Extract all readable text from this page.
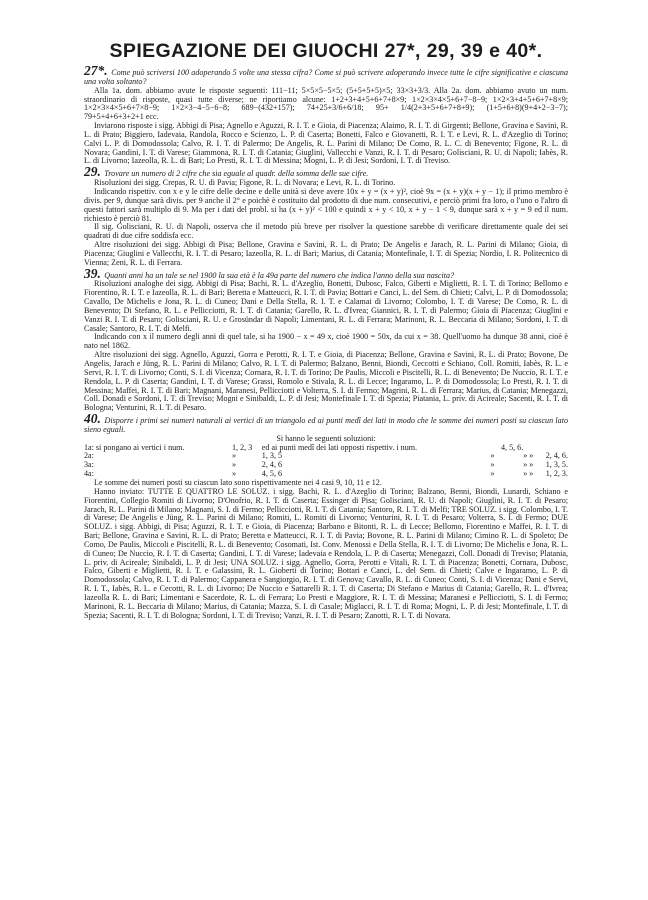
SPIEGAZIONE DEI GIUOCHI 27*, 29, 39 e 40*.

27*. Come può scriversi 100 adoperando 5 volte una stessa cifra? Come si può scrivere adoperando invece tutte le cifre significative e ciascuna una volta soltanto?

Alla 1a. dom. abbiamo avute le risposte seguenti: 111−11; 5×5×5−5×5; (5+5+5+5)×5; 33×3+3/3. Alla 2a. dom. abbiamo avuto un num. straordinario di risposte, quasi tutte diverse; ne riportiamo alcune: 1+2+3+4+5+6+7+8×9; 1×2×3×4×5+6+7−8−9; 1×2×3+4+5+6+7+8×9; 1×2×3×4×5+6+7×8−9; 1×2×3−4−5−6−8; 689−(432+157); 74+25+3/6+6/18; 95+ 1/4(2+3+5+6+7+8+9); (1+5+6+8)(9+4+2−3−7); 79+5+4+6+3+2+1 ecc.

Inviarono risposte i sigg. Abbigi di Pisa; Agnello e Aguzzi, R. I. T. e Gioia, di Piacenza; Alaimo, R. I. T. di Girgenti; Bellone, Gravina e Savini, R. L. di Prato; Biggiero, Iadevaia, Randola, Rocco e Scienzo, L. P. di Caserta; Bonetti, Falco e Giovanetti, R. I. T. e Levi, R. L. d'Azeglio di Torino; Calvi L. P. di Domodossola; Calvo, R. I. T. di Palermo; De Angelis, R. L. Parini di Milano; De Como, R. L. C. di Benevento; Figone, R. L. di Novara; Gandini, I. T. di Varese; Giammona, R. I. T. di Catania; Giuglini, Vallecchi e Vanzi, R. I. T. di Pesaro; Golisciani, R. U. di Napoli; Iabès, R. L. di Livorno; Iazeolla, R. L. di Bari; Lo Presti, R. I. T. di Messina; Mogni, L. P. di Jesi; Sordoni, I. T. di Treviso.

29. Trovare un numero di 2 cifre che sia eguale al quadr. della somma delle sue cifre.

Risoluzioni dei sigg. Crepas, R. U. di Pavia; Figone, R. L. di Novara; e Levi, R. L. di Torino.

Indicando rispettiv. con x e y le cifre delle decine e delle unità si deve avere 10x + y = (x + y)², cioè 9x = (x + y)(x + y − 1); il primo membro è divis. per 9, dunque sarà divis. per 9 anche il 2° e poichè è costituito dal prodotto di due num. consecutivi, e perciò primi fra loro, o l'uno o l'altro di questi fattori sarà multiplo di 9. Ma per i dati del probl. si ha (x + y)² < 100 e quindi x + y < 10, x + y − 1 < 9, dunque sarà x + y = 9 ed il num. richiesto è perciò 81.

Il sig. Golisciani, R. U. di Napoli, osserva che il metodo più breve per risolver la questione sarebbe di verificare direttamente quale dei sei quadrati di due cifre soddisfa ecc.

Altre risoluzioni dei sigg. Abbigi di Pisa; Bellone, Gravina e Savini, R. L. di Prato; De Angelis e Jarach, R. L. Parini di Milano; Gioia, di Piacenza; Giuglini e Vallecchi, R. I. T. di Pesaro; Iazeolla, R. L. di Bari; Marius, di Catania; Montefinale, I. T. di Spezia; Nordio, I. R. Politecnico di Vienna; Zeni, R. L. di Ferrara.

39. Quanti anni ha un tale se nel 1900 la sua età è la 49a parte del numero che indica l'anno della sua nascita?

Risoluzioni analoghe dei sigg. Abbigi di Pisa; Bachi, R. L. d'Azeglio, Bonetti, Dubosc, Falco, Giberti e Miglietti, R. I. T. di Torino; Bellomo e Fiorentino, R. I. T. e Iazeolla, R. L. di Bari; Beretta e Matteucci, R. I. T. di Pavia; Bottari e Canci, L. del Sem. di Chieti; Calvi, L. P. di Domodossola; Cavallo, De Michelis e Jona, R. L. di Cuneo; Dani e Della Stella, R. I. T. e Calamai di Livorno; Colombo, I. T. di Varese; De Como, R. L. di Benevento; Di Stefano, R. L. e Pellicciotti, R. I. T. di Catania; Garello, R. L. d'Ivrea; Giannici, R. I. T. di Palermo; Gioia di Piacenza; Giuglini e Vanzi R. I. T. di Pesaro; Golisciani, R. U. e Grosündar di Napoli; Limentani, R. L. di Ferrara; Marinoni, R. L. Beccaria di Milano; Sordoni, I. T. di Casale; Santoro, R. I. T. di Melfi.

Indicando con x il numero degli anni di quel tale, si ha 1900 − x = 49 x, cioè 1900 = 50x, da cui x = 38. Quell'uomo ha dunque 38 anni, cioè è nato nel 1862.

Altre risoluzioni dei sigg. Agnello, Aguzzi, Gorra e Perotti, R. I. T. e Gioia, di Piacenza; Bellone, Gravina e Savini, R. L. di Prato; Bovone, De Angelis, Jarach e Jüng, R. L. Parini di Milano; Calvo, R. I. T. di Palermo; Balzano, Benni, Biondi, Ceccotti e Schiano, Coll. Romiti, Iabès, R. L. e Servi, R. I. T. di Livorno; Conti, S. I. di Vicenza; Cornara, R. I. T. di Torino; De Paulis, Miccoli e Piscitelli, R. L. di Benevento; De Nuccio, R. I. T. e Rendola, L. P. di Caserta; Gandini, I. T. di Varese; Grassi, Romolo e Stivala, R. L. di Lecce; Ingaramo, L. P. di Domodossola; Lo Presti, R. I. T. di Messina; Maffei, R. I. T. di Bari; Magnani, Maranesi, Pellicciotti e Volterra, S. I. di Fermo; Magrini, R. L. di Ferrara; Marius, di Catania; Menegazzi, Coll. Donadi e Sordoni, I. T. di Treviso; Mogni e Sinibaldi, L. P. di Jesi; Montefinale I. T. di Spezia; Piatania, L. prív. di Acireale; Sacenti, R. I. T. di Bologna; Venturini, R. I. T. di Pesaro.

40. Disporre i primi sei numeri naturali ai vertici di un triangolo ed ai punti medî dei lati in modo che le somme dei numeri posti su ciascun lato sieno eguali.

Si hanno le seguenti soluzioni:

1a: si pongano ai vertici i num.	1, 2, 3	ed ai punti medî dei lati opposti rispettiv. i num.	4, 5, 6.			
2a:	»	1, 3, 5	»	»	»	2, 4, 6.
3a:	»	2, 4, 6	»	»	»	1, 3, 5.
4a:	»	4, 5, 6	»	»	»	1, 2, 3.

Le somme dei numeri posti su ciascun lato sono rispettivamente nei 4 casi 9, 10, 11 e 12.

Hanno inviato: TUTTE E QUATTRO LE SOLUZ. i sigg. Bachi, R. L. d'Azeglio di Torino; Balzano, Benni, Biondi, Lunardi, Schiano e Fiorentini, Collegio Romiti di Livorno; D'Onofrio, R. I. T. di Caserta; Essinger di Pisa; Golisciani, R. U. di Napoli; Giuglini, R. I. T. di Pesaro; Jarach, R. L. Parini di Milano; Magnani, S. I. di Fermo; Pellicciotti, R. I. T. di Catania; Santoro, R. I. T. di Melfi; TRE SOLUZ. i sigg. Colombo, I. T. di Varese; De Angelis e Jüng, R. L. Parini di Milano; Romiti, L. Romiti di Livorno; Venturini, R. I. T. di Pesaro; Volterra, S. I. di Fermo; DUE SOLUZ. i sigg. Abbigi, di Pisa; Aguzzi, R. I. T. e Gioia, di Piacenza; Barbano e Bitonti, R. L. di Lecce; Bellomo, Fiorentino e Maffei, R. I. T. di Bari; Bellone, Gravina e Savini, R. L. di Prato; Beretta e Matteucci, R. I. T. di Pavia; Bovone, R. L. Parini di Milano; Cimino R. L. di Spoleto; De Como, De Paulis, Miccoli e Piscitelli, R. L. di Benevento; Cosomati, Ist. Conv. Menossi e Della Stella, R. I. T. di Livorno; De Michelis e Jona, R. L. di Cuneo; De Nuccio, R. I. T. di Caserta; Gandini, I. T. di Varese; Iadevaia e Rendola, L. P. di Caserta; Menegazzi, Coll. Donadi di Treviso; Platania, L. priv. di Acireale; Sinibaldi, L. P. di Jesi; UNA SOLUZ. i sigg. Agnello, Gorra, Perotti e Vitali, R. I. T. di Piacenza; Bonetti, Cornara, Dubosc, Falco, Giberti e Miglietti, R. I. T. e Galassini, R. L. Gioberti di Torino; Bottari e Canci, L. del Sem. di Chieti; Calve e Ingaramo, L. P. di Domodossola; Calvo, R. I. T. di Palermo; Cappanera e Sangiorgio, R. I. T. di Genova; Cavallo, R. L. di Cuneo; Conti, S. I. di Vicenza; Dani e Servi, R. I. T., Iabès, R. L. e Cecotti, R. L. di Livorno; De Nuccio e Sattarelli R. I. T. di Caserta; Di Stefano e Marius di Catania; Garello, R. L. d'Ivrea; Iazeolla R. L. di Bari; Limentani e Sacerdote, R. L. di Ferrara; Lo Presti e Maggiore, R. I. T. di Messina; Maranesi e Pellicciotti, S. I. di Fermo; Marinoni, R. L. Beccaria di Milano; Marius, di Catania; Mazza, S. I. di Casale; Miglacci, R. I. T. di Roma; Mogni, L. P. di Jesi; Montefinale, I. T. di Spezia; Sacenti, R. I. T. di Bologna; Sordoni, I. T. di Treviso; Vanzi, R. I. T. di Pesaro; Zanotti, R. I. T. di Novara.
